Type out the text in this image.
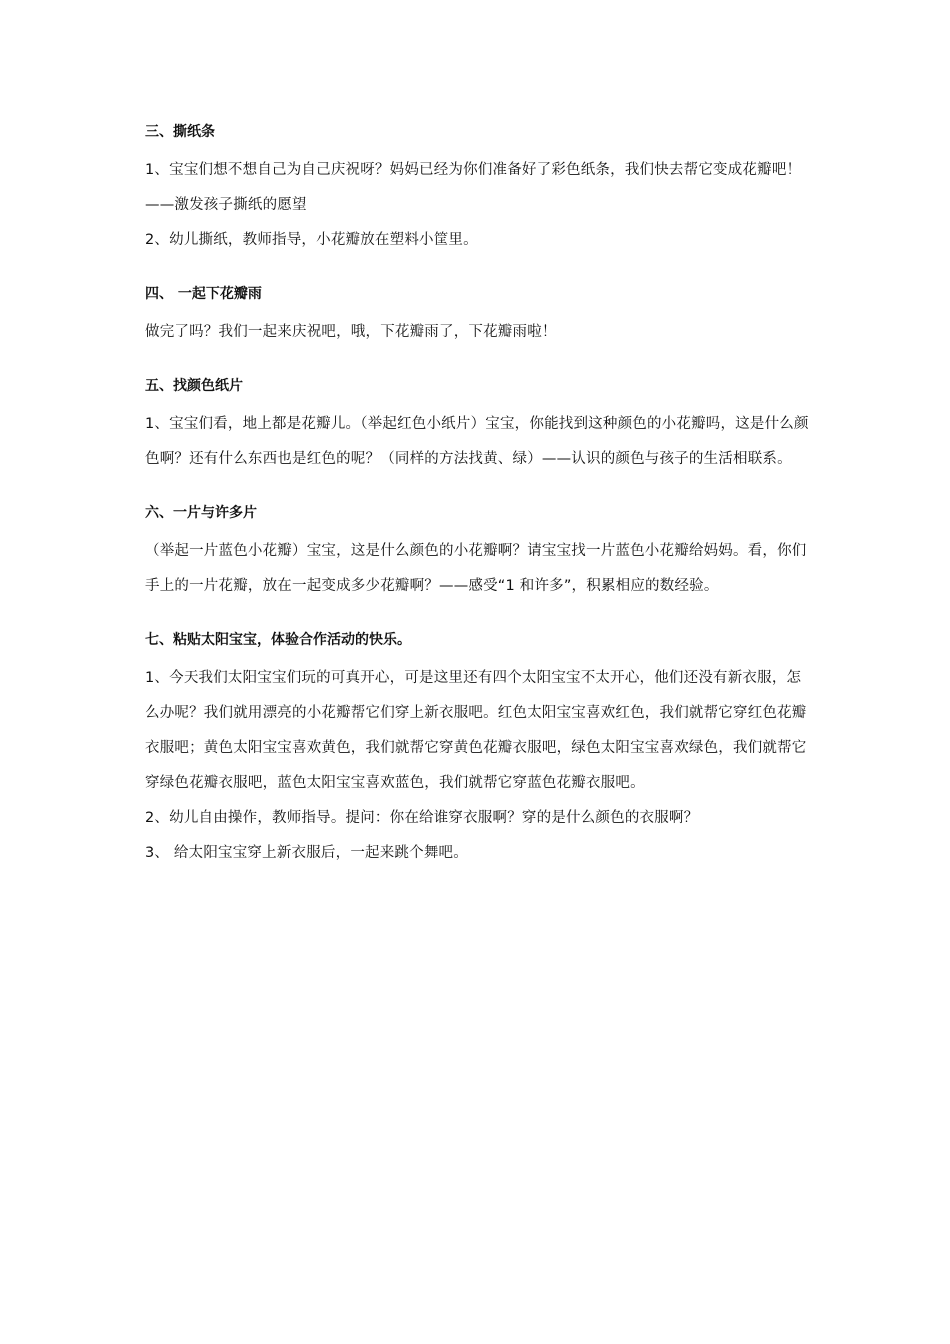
三、撕纸条

1、宝宝们想不想自己为自己庆祝呀？妈妈已经为你们准备好了彩色纸条，我们快去帮它变成花瓣吧！——激发孩子撕纸的愿望

2、幼儿撕纸，教师指导，小花瓣放在塑料小筐里。

四、 一起下花瓣雨

做完了吗？我们一起来庆祝吧，哦，下花瓣雨了，下花瓣雨啦！

五、找颜色纸片

1、宝宝们看，地上都是花瓣儿。（举起红色小纸片）宝宝，你能找到这种颜色的小花瓣吗，这是什么颜色啊？还有什么东西也是红色的呢？（同样的方法找黄、绿）——认识的颜色与孩子的生活相联系。

六、一片与许多片

（举起一片蓝色小花瓣）宝宝，这是什么颜色的小花瓣啊？请宝宝找一片蓝色小花瓣给妈妈。看，你们手上的一片花瓣，放在一起变成多少花瓣啊？——感受“1 和许多”，积累相应的数经验。

七、粘贴太阳宝宝，体验合作活动的快乐。

1、今天我们太阳宝宝们玩的可真开心，可是这里还有四个太阳宝宝不太开心，他们还没有新衣服，怎么办呢？我们就用漂亮的小花瓣帮它们穿上新衣服吧。红色太阳宝宝喜欢红色，我们就帮它穿红色花瓣衣服吧；黄色太阳宝宝喜欢黄色，我们就帮它穿黄色花瓣衣服吧，绿色太阳宝宝喜欢绿色，我们就帮它穿绿色花瓣衣服吧，蓝色太阳宝宝喜欢蓝色，我们就帮它穿蓝色花瓣衣服吧。

2、幼儿自由操作，教师指导。提问：你在给谁穿衣服啊？穿的是什么颜色的衣服啊？

3、 给太阳宝宝穿上新衣服后，一起来跳个舞吧。
